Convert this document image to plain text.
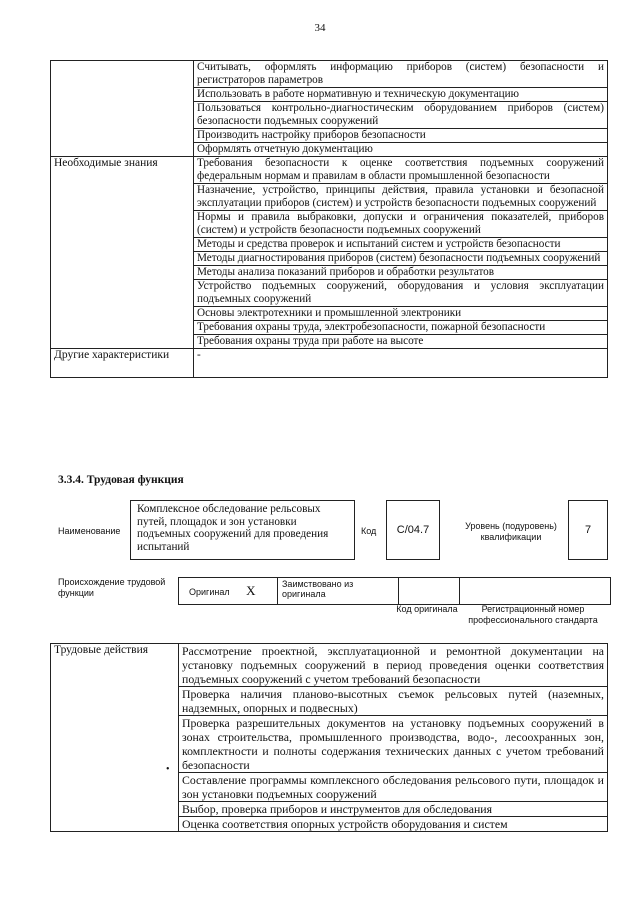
34
	Считывать, оформлять информацию приборов (систем) безопасности и регистраторов параметров
	Использовать в работе нормативную и техническую документацию
	Пользоваться контрольно-диагностическим оборудованием приборов (систем) безопасности подъемных сооружений
	Производить настройку приборов безопасности
	Оформлять отчетную документацию
Необходимые знания	Требования безопасности к оценке соответствия подъемных сооружений федеральным нормам и правилам в области промышленной безопасности
	Назначение, устройство, принципы действия, правила установки и безопасной эксплуатации приборов (систем) и устройств безопасности подъемных сооружений
	Нормы и правила выбраковки, допуски и ограничения показателей, приборов (систем) и устройств безопасности подъемных сооружений
	Методы и средства проверок и испытаний систем и устройств безопасности
	Методы диагностирования приборов (систем) безопасности подъемных сооружений
	Методы анализа показаний приборов и обработки результатов
	Устройство подъемных сооружений, оборудования и условия эксплуатации подъемных сооружений
	Основы электротехники и промышленной электроники
	Требования охраны труда, электробезопасности, пожарной безопасности
	Требования охраны труда при работе на высоте
Другие характеристики	-
3.3.4. Трудовая функция
Наименование
Комплексное обследование рельсовых путей, площадок и зон установки подъемных сооружений для проведения испытаний
Код	С/04.7	Уровень (подуровень) квалификации
7
Происхождение трудовой функции	Оригинал X	Заимствовано из оригинала		
Код оригинала	Регистрационный номер профессионального стандарта
Трудовые действия	Рассмотрение проектной, эксплуатационной и ремонтной документации на установку подъемных сооружений в период проведения оценки соответствия подъемных сооружений с учетом требований безопасности
Проверка наличия планово-высотных съемок рельсовых путей (наземных, надземных, опорных и подвесных)
Проверка разрешительных документов на установку подъемных сооружений в зонах строительства, промышленного производства, водо-, лесоохранных зон, комплектности и полноты содержания технических данных с учетом требований безопасности
Составление программы комплексного обследования рельсового пути, площадок и зон установки подъемных сооружений
Выбор, проверка приборов и инструментов для обследования
Оценка соответствия опорных устройств оборудования и систем
•
